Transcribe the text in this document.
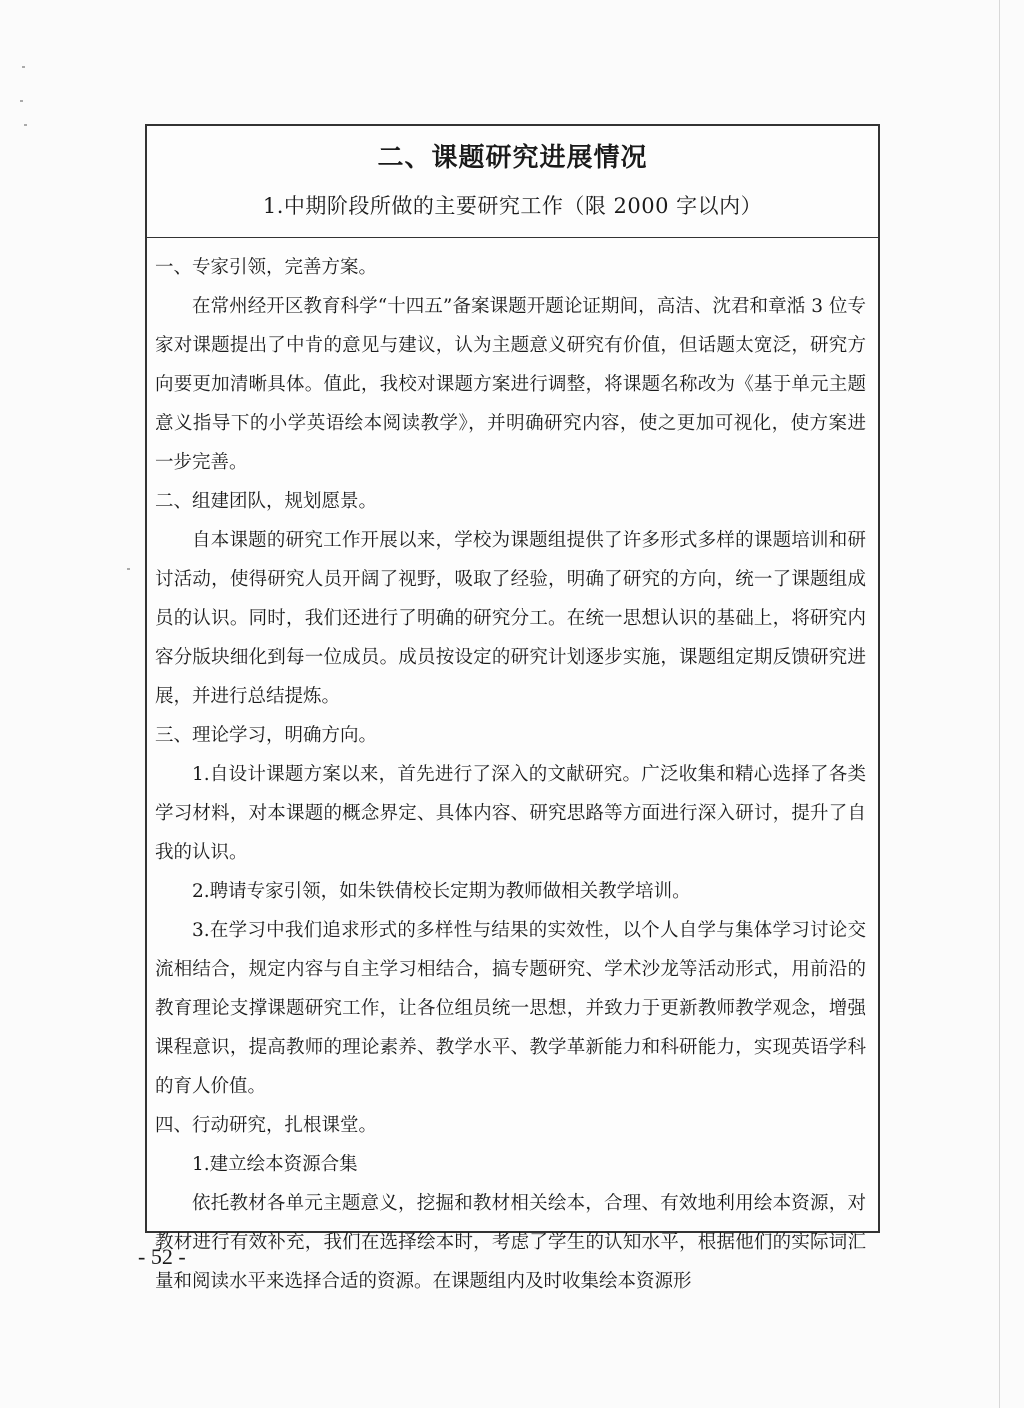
二、课题研究进展情况
1.中期阶段所做的主要研究工作（限 2000 字以内）

一、专家引领，完善方案。

在常州经开区教育科学“十四五”备案课题开题论证期间，高洁、沈君和章湉 3 位专家对课题提出了中肯的意见与建议，认为主题意义研究有价值，但话题太宽泛，研究方向要更加清晰具体。值此，我校对课题方案进行调整，将课题名称改为《基于单元主题意义指导下的小学英语绘本阅读教学》，并明确研究内容，使之更加可视化，使方案进一步完善。

二、组建团队，规划愿景。

自本课题的研究工作开展以来，学校为课题组提供了许多形式多样的课题培训和研讨活动，使得研究人员开阔了视野，吸取了经验，明确了研究的方向，统一了课题组成员的认识。同时，我们还进行了明确的研究分工。在统一思想认识的基础上，将研究内容分版块细化到每一位成员。成员按设定的研究计划逐步实施，课题组定期反馈研究进展，并进行总结提炼。

三、理论学习，明确方向。

1.自设计课题方案以来，首先进行了深入的文献研究。广泛收集和精心选择了各类学习材料，对本课题的概念界定、具体内容、研究思路等方面进行深入研讨，提升了自我的认识。

2.聘请专家引领，如朱铁倩校长定期为教师做相关教学培训。

3.在学习中我们追求形式的多样性与结果的实效性，以个人自学与集体学习讨论交流相结合，规定内容与自主学习相结合，搞专题研究、学术沙龙等活动形式，用前沿的教育理论支撑课题研究工作，让各位组员统一思想，并致力于更新教师教学观念，增强课程意识，提高教师的理论素养、教学水平、教学革新能力和科研能力，实现英语学科的育人价值。

四、行动研究，扎根课堂。

1.建立绘本资源合集

依托教材各单元主题意义，挖掘和教材相关绘本，合理、有效地利用绘本资源，对教材进行有效补充，我们在选择绘本时，考虑了学生的认知水平，根据他们的实际词汇量和阅读水平来选择合适的资源。在课题组内及时收集绘本资源形

- 52 -
